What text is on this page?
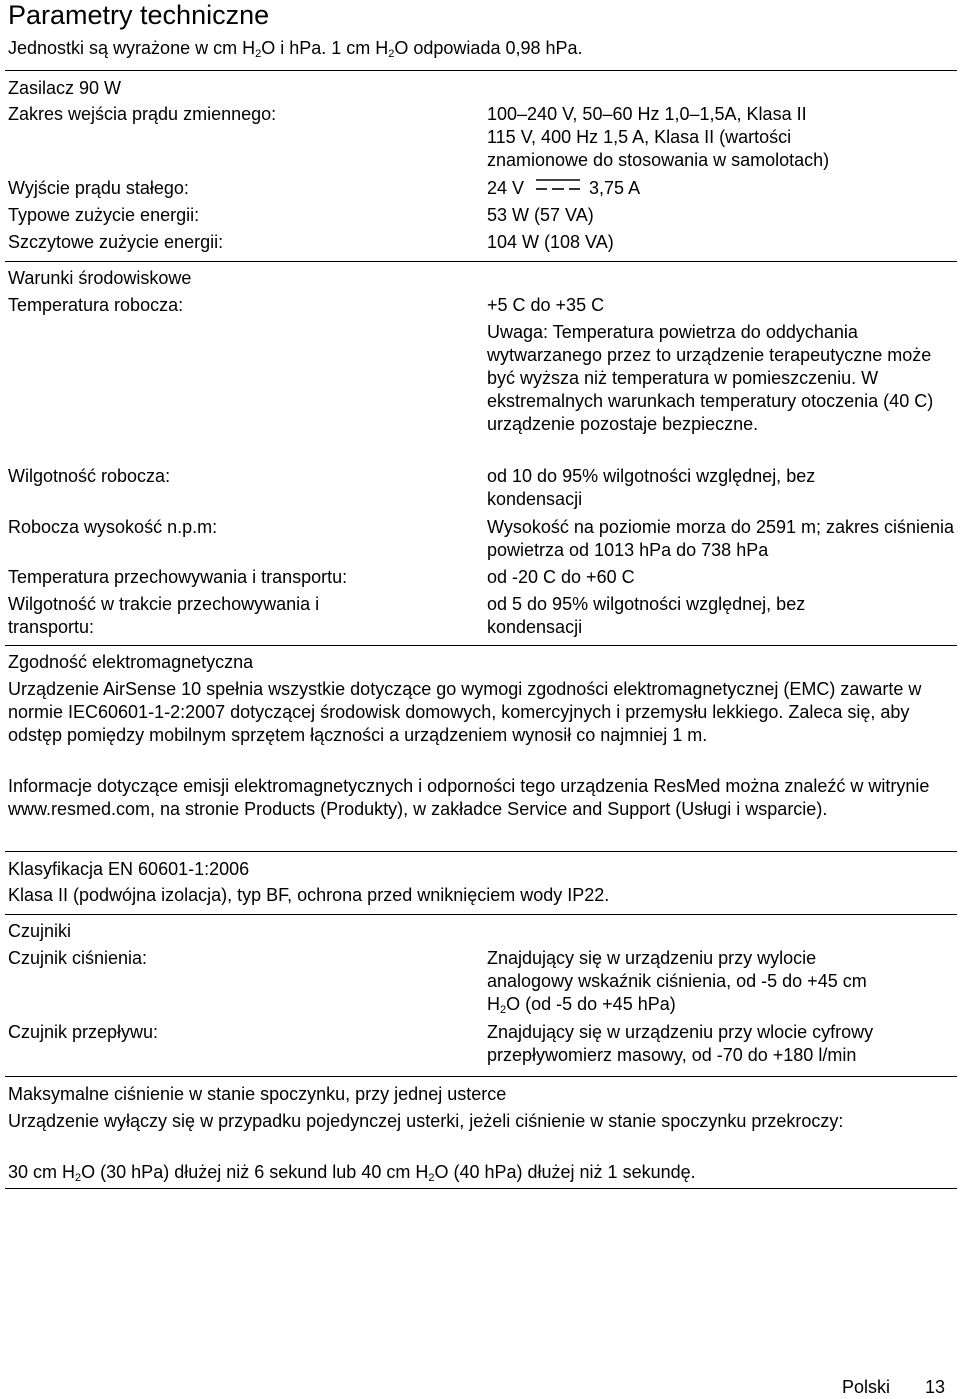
Parametry techniczne
Jednostki są wyrażone w cm $H_2O$ i hPa. 1 cm $H_2O$ odpowiada 0,98 hPa.
Zasilacz 90 W
Zakres wejścia prądu zmiennego:	100–240 V, 50–60 Hz 1,0–1,5A, Klasa II
115 V, 400 Hz 1,5 A, Klasa II (wartości
znamionowe do stosowania w samolotach)
Wyjście prądu stałego:	24 V	3,75 A
Typowe zużycie energii:	53 W (57 VA)
Szczytowe zużycie energii:	104 W (108 VA)
Warunki środowiskowe
Temperatura robocza:	+5 C do +35 C
Uwaga: Temperatura powietrza do oddychania wytwarzanego przez to urządzenie terapeutyczne może być wyższa niż temperatura w pomieszczeniu. W ekstremalnych warunkach temperatury otoczenia (40 C) urządzenie pozostaje bezpieczne.
Wilgotność robocza:	od 10 do 95% wilgotności względnej, bez kondensacji
Robocza wysokość n.p.m:	Wysokość na poziomie morza do 2591 m; zakres ciśnienia powietrza od 1013 hPa do 738 hPa
Temperatura przechowywania i transportu:	od -20 C do +60 C
Wilgotność w trakcie przechowywania i transportu:
od 5 do 95% wilgotności względnej, bez kondensacji
Zgodność elektromagnetyczna
Urządzenie AirSense 10 spełnia wszystkie dotyczące go wymogi zgodności elektromagnetycznej (EMC) zawarte w normie IEC60601-1-2:2007 dotyczącej środowisk domowych, komercyjnych i przemysłu lekkiego. Zaleca się, aby odstęp pomiędzy mobilnym sprzętem łączności a urządzeniem wynosił co najmniej 1 m.
Informacje dotyczące emisji elektromagnetycznych i odporności tego urządzenia ResMed można znaleźć w witrynie www.resmed.com, na stronie Products (Produkty), w zakładce Service and Support (Usługi i wsparcie).
Klasyfikacja EN 60601-1:2006
Klasa II (podwójna izolacja), typ BF, ochrona przed wniknięciem wody IP22.
Czujniki
Czujnik ciśnienia:	Znajdujący się w urządzeniu przy wylocie analogowy wskaźnik ciśnienia, od -5 do +45 cm $H_2O$ (od -5 do +45 hPa)
Czujnik przepływu:	Znajdujący się w urządzeniu przy wlocie cyfrowy przepływomierz masowy, od -70 do +180 l/min
Maksymalne ciśnienie w stanie spoczynku, przy jednej usterce
Urządzenie wyłączy się w przypadku pojedynczej usterki, jeżeli ciśnienie w stanie spoczynku przekroczy:
30 cm $H_2O$ (30 hPa) dłużej niż 6 sekund lub 40 cm $H_2O$ (40 hPa) dłużej niż 1 sekundę.
Polski 13
